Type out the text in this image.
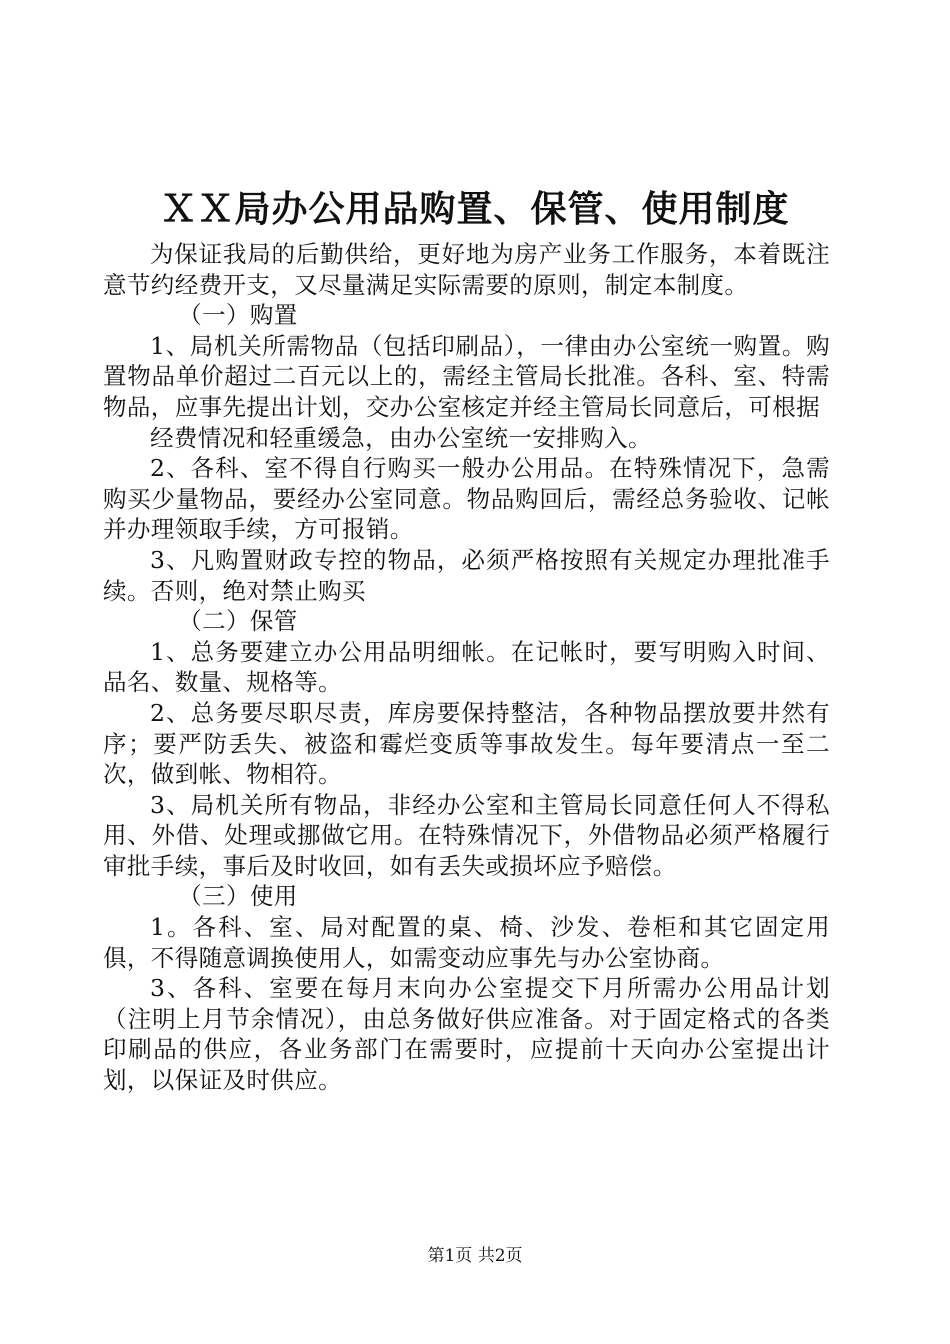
ＸＸ局办公用品购置、保管、使用制度

为保证我局的后勤供给，更好地为房产业务工作服务，本着既注意节约经费开支，又尽量满足实际需要的原则，制定本制度。

（一）购置

1、局机关所需物品（包括印刷品），一律由办公室统一购置。购置物品单价超过二百元以上的，需经主管局长批准。各科、室、特需物品，应事先提出计划，交办公室核定并经主管局长同意后，可根据

经费情况和轻重缓急，由办公室统一安排购入。

2、各科、室不得自行购买一般办公用品。在特殊情况下，急需购买少量物品，要经办公室同意。物品购回后，需经总务验收、记帐并办理领取手续，方可报销。

3、凡购置财政专控的物品，必须严格按照有关规定办理批准手续。否则，绝对禁止购买

（二）保管

1、总务要建立办公用品明细帐。在记帐时，要写明购入时间、品名、数量、规格等。

2、总务要尽职尽责，库房要保持整洁，各种物品摆放要井然有序；要严防丢失、被盗和霉烂变质等事故发生。每年要清点一至二次，做到帐、物相符。

3、局机关所有物品，非经办公室和主管局长同意任何人不得私用、外借、处理或挪做它用。在特殊情况下，外借物品必须严格履行审批手续，事后及时收回，如有丢失或损坏应予赔偿。

（三）使用

1。各科、室、局对配置的桌、椅、沙发、卷柜和其它固定用俱，不得随意调换使用人，如需变动应事先与办公室协商。

3、各科、室要在每月末向办公室提交下月所需办公用品计划（注明上月节余情况），由总务做好供应准备。对于固定格式的各类印刷品的供应，各业务部门在需要时，应提前十天向办公室提出计划，以保证及时供应。

第1页 共2页
